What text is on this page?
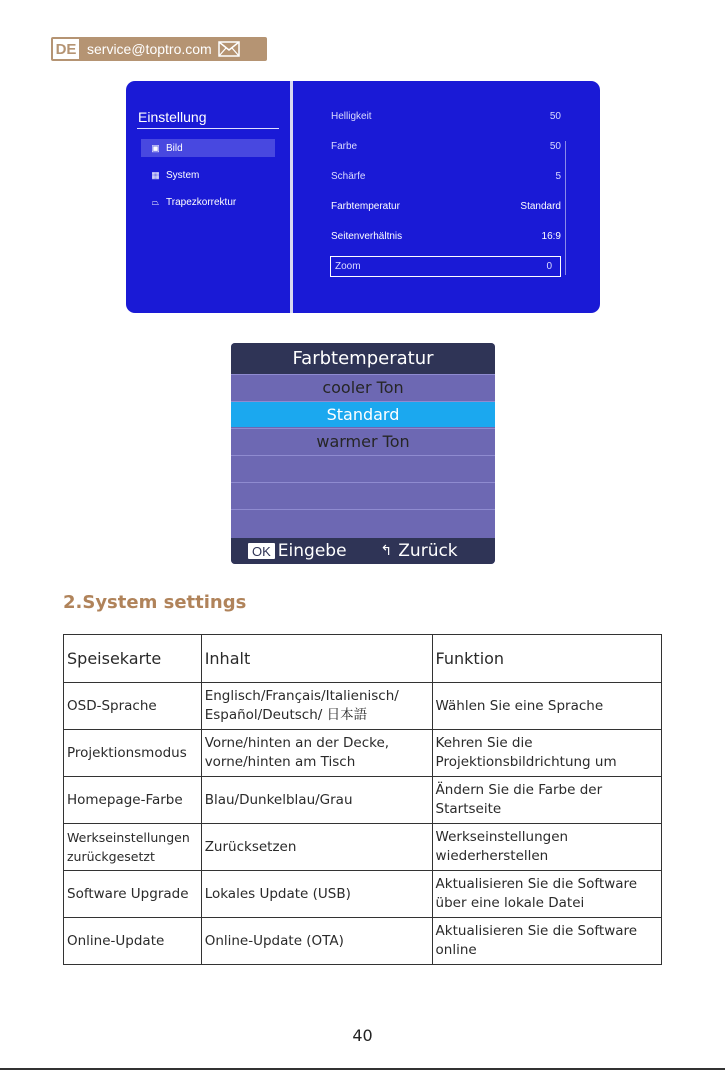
DE service@toptro.com
Einstellung
▣ Bild
▦ System
⏢ Trapezkorrektur
Helligkeit	50
Farbe	50
Schärfe	5
Farbtemperatur	Standard
Seitenverhältnis	16:9
Zoom	0
Farbtemperatur
cooler Ton
Standard
warmer Ton
OK Eingebe ↰ Zurück
2.System settings
Speisekarte	Inhalt	Funktion
OSD-Sprache	Englisch/Français/Italienisch/ Español/Deutsch/ 日本語	Wählen Sie eine Sprache
Projektionsmodus	Vorne/hinten an der Decke, vorne/hinten am Tisch	Kehren Sie die Projektionsbildrichtung um
Homepage-Farbe	Blau/Dunkelblau/Grau	Ändern Sie die Farbe der Startseite
Werkseinstellungen zurückgesetzt	Zurücksetzen	Werkseinstellungen wiederherstellen
Software Upgrade	Lokales Update (USB)	Aktualisieren Sie die Software über eine lokale Datei
Online-Update	Online-Update (OTA)	Aktualisieren Sie die Software online
40
